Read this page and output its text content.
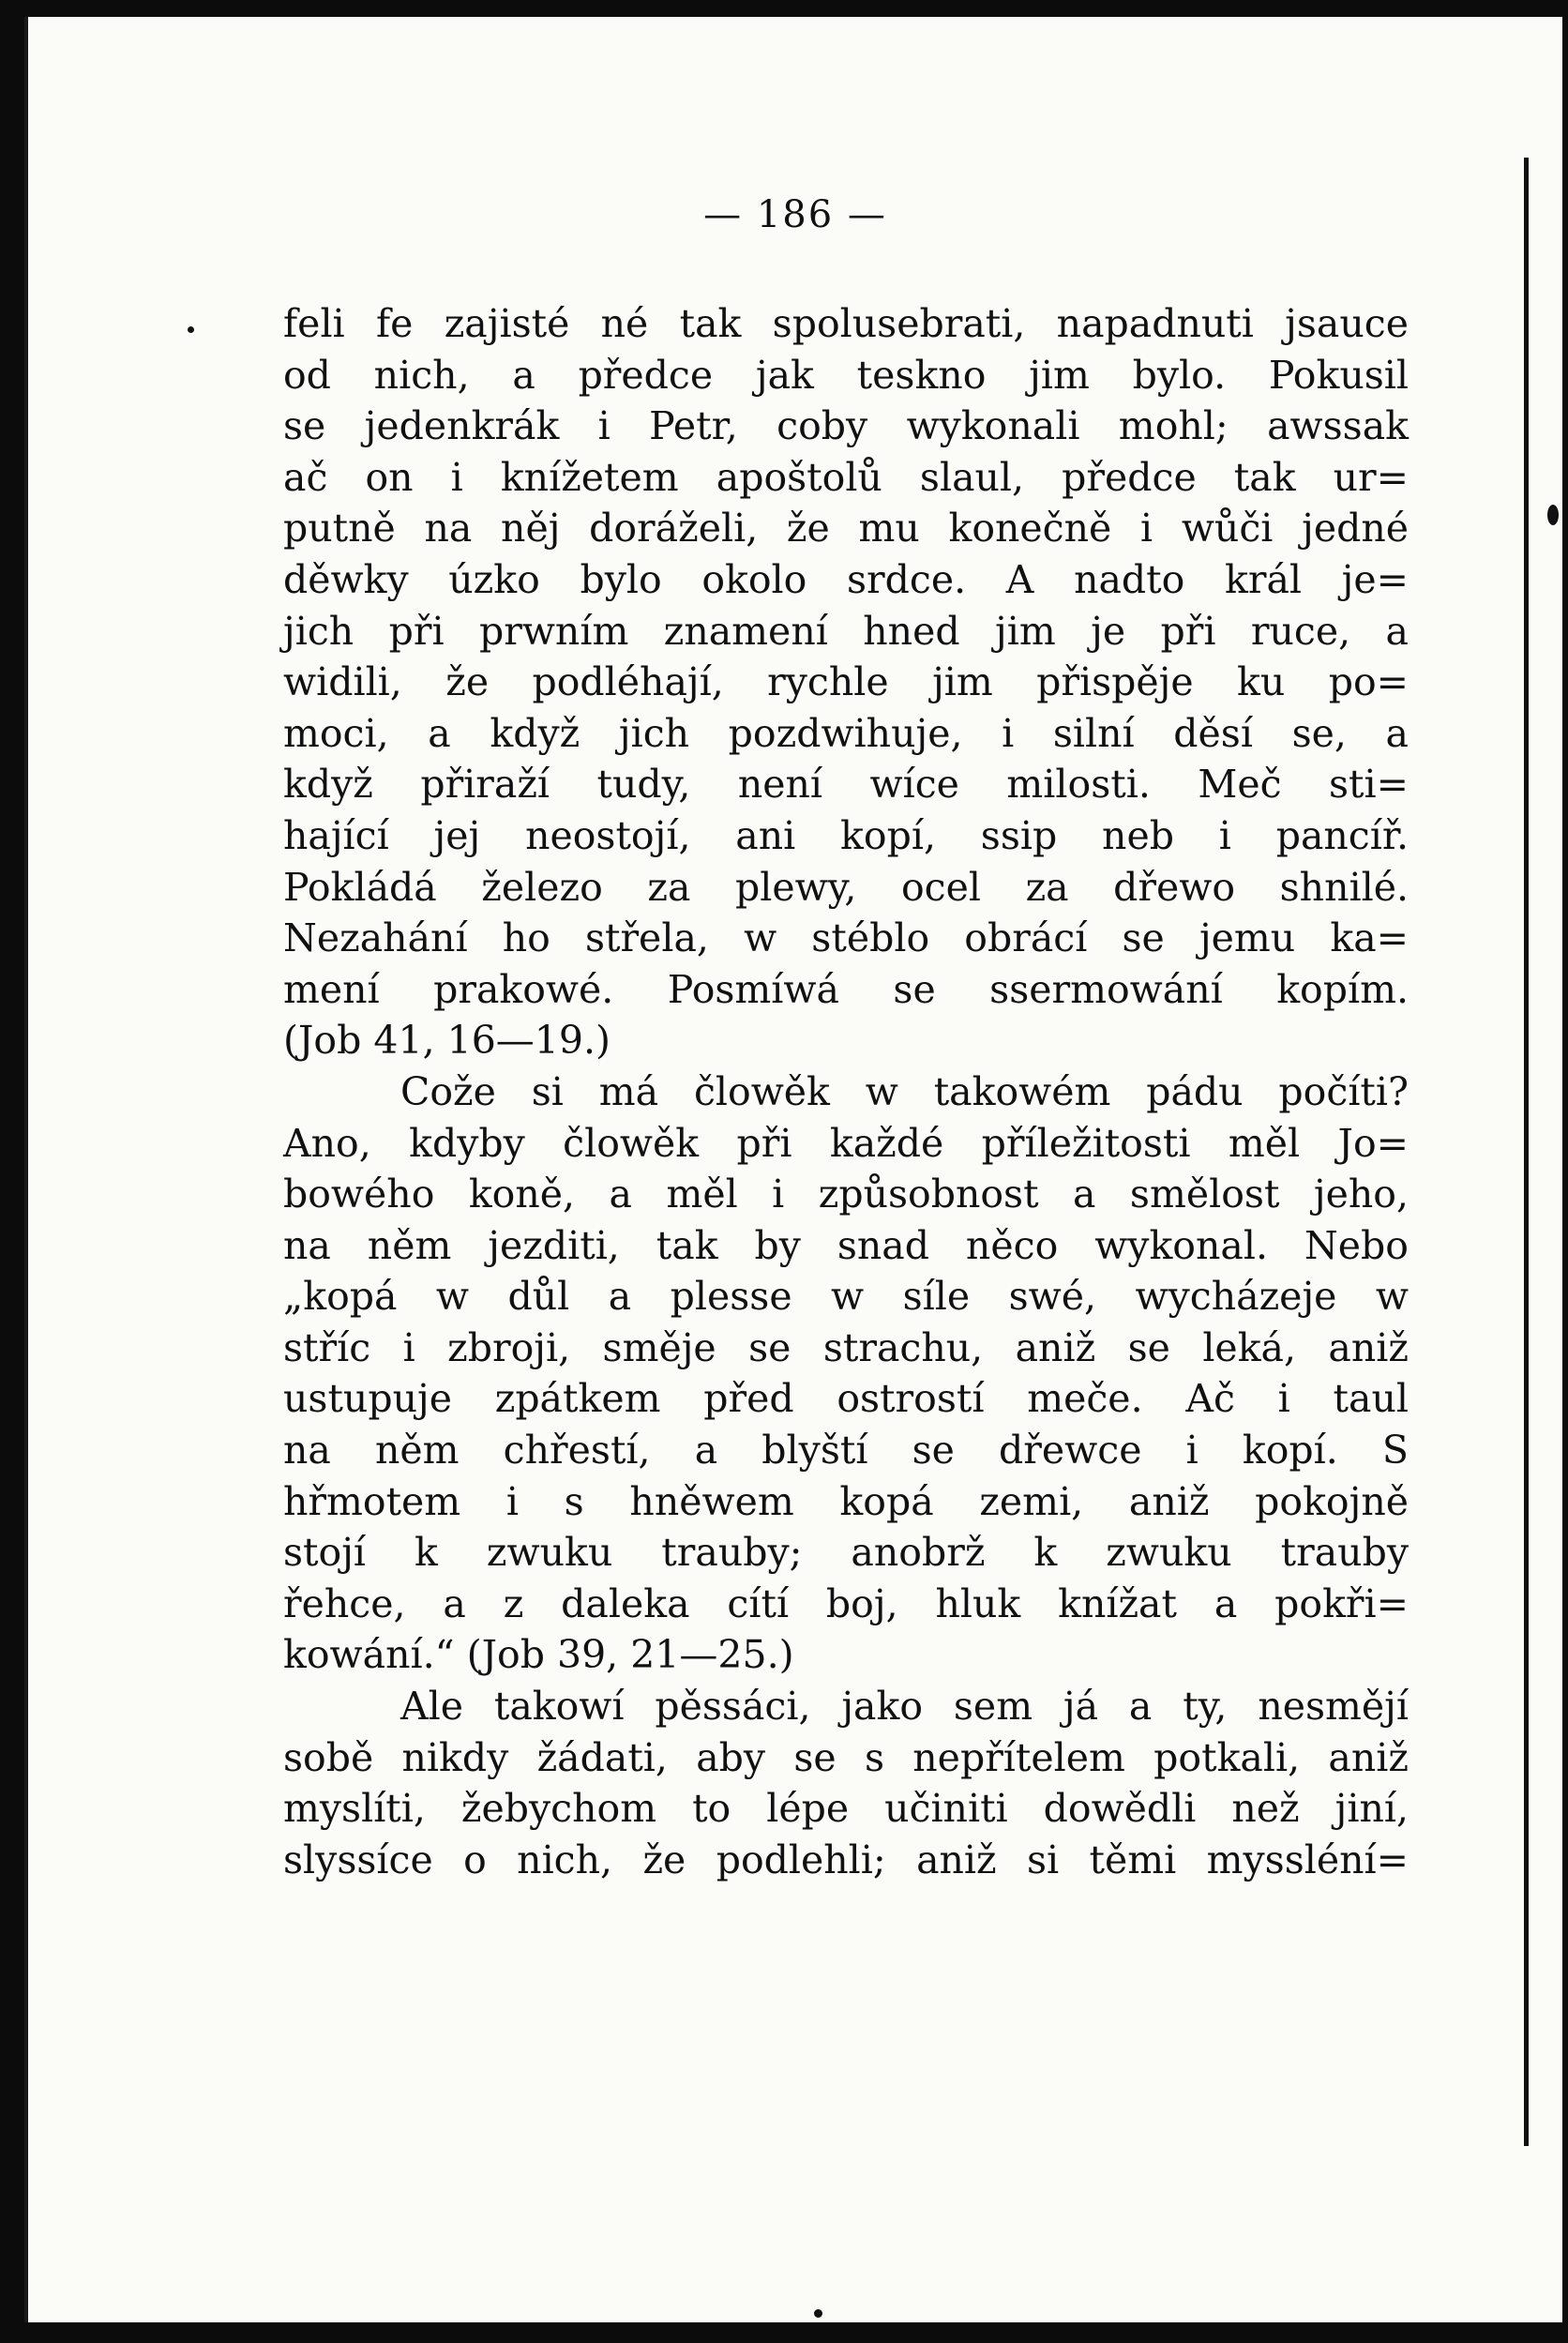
— 186 —
feli fe zajisté né tak spolusebrati, napadnuti jsauce
od nich, a předce jak teskno jim bylo. Pokusil
se jedenkrák i Petr, coby wykonali mohl; awssak
ač on i knížetem apoštolů slaul, předce tak ur=
putně na něj doráželi, že mu konečně i wůči jedné
děwky úzko bylo okolo srdce. A nadto král je=
jich při prwním znamení hned jim je při ruce, a
widili, že podléhají, rychle jim přispěje ku po=
moci, a když jich pozdwihuje, i silní děsí se, a
když přiraží tudy, není wíce milosti. Meč sti=
hající jej neostojí, ani kopí, ssip neb i pancíř.
Pokládá železo za plewy, ocel za dřewo shnilé.
Nezahání ho střela, w stéblo obrácí se jemu ka=
mení prakowé. Posmíwá se ssermowání kopím.
(Job 41, 16—19.)
Cože si má člowěk w takowém pádu počíti?
Ano, kdyby člowěk při každé příležitosti měl Jo=
bowého koně, a měl i způsobnost a smělost jeho,
na něm jezditi, tak by snad něco wykonal. Nebo
„kopá w důl a plesse w síle swé, wycházeje w
stříc i zbroji, směje se strachu, aniž se leká, aniž
ustupuje zpátkem před ostrostí meče. Ač i taul
na něm chřestí, a blyští se dřewce i kopí. S
hřmotem i s hněwem kopá zemi, aniž pokojně
stojí k zwuku trauby; anobrž k zwuku trauby
řehce, a z daleka cítí boj, hluk knížat a pokři=
kowání.“ (Job 39, 21—25.)
Ale takowí pěssáci, jako sem já a ty, nesmějí
sobě nikdy žádati, aby se s nepřítelem potkali, aniž
myslíti, žebychom to lépe učiniti dowědli než jiní,
slyssíce o nich, že podlehli; aniž si těmi myssléní=
